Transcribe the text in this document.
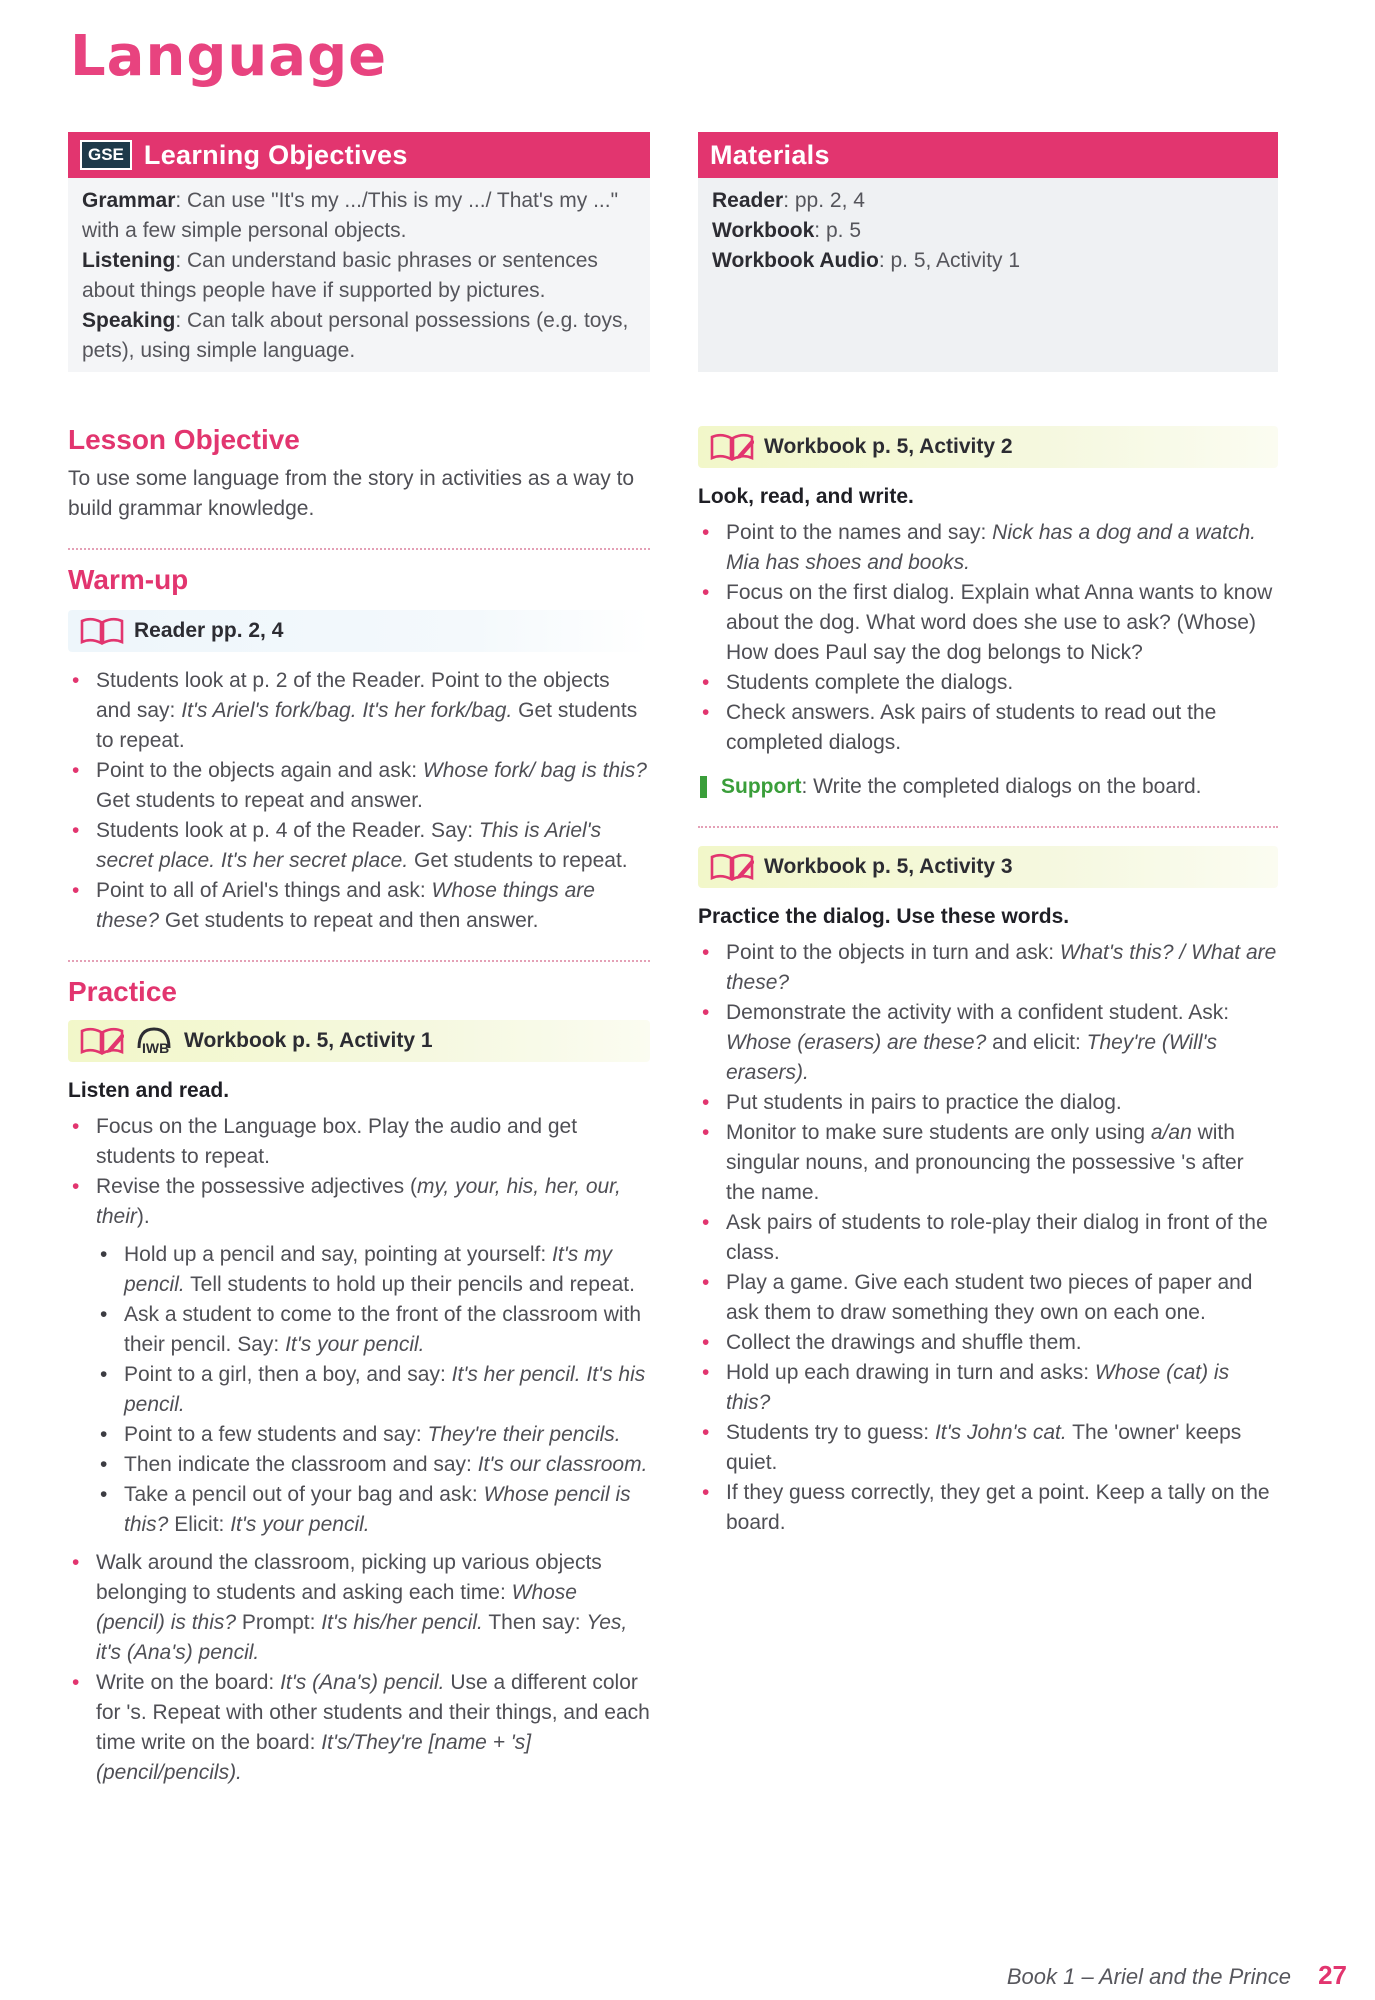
Language
GSE Learning Objectives

Grammar: Can use "It's my .../This is my .../ That's my ..." with a few simple personal objects.

Listening: Can understand basic phrases or sentences about things people have if supported by pictures.

Speaking: Can talk about personal possessions (e.g. toys, pets), using simple language.

Lesson Objective

To use some language from the story in activities as a way to build grammar knowledge.

Warm-up
Reader pp. 2, 4
• Students look at p. 2 of the Reader. Point to the objects and say: It's Ariel's fork/bag. It's her fork/bag. Get students to repeat.
• Point to the objects again and ask: Whose fork/ bag is this? Get students to repeat and answer.
• Students look at p. 4 of the Reader. Say: This is Ariel's secret place. It's her secret place. Get students to repeat.
• Point to all of Ariel's things and ask: Whose things are these? Get students to repeat and then answer.
Practice
IWB Workbook p. 5, Activity 1

Listen and read.

• Focus on the Language box. Play the audio and get students to repeat.
• Revise the possessive adjectives (my, your, his, her, our, their).
• Hold up a pencil and say, pointing at yourself: It's my pencil. Tell students to hold up their pencils and repeat.
• Ask a student to come to the front of the classroom with their pencil. Say: It's your pencil.
• Point to a girl, then a boy, and say: It's her pencil. It's his pencil.
• Point to a few students and say: They're their pencils.
• Then indicate the classroom and say: It's our classroom.
• Take a pencil out of your bag and ask: Whose pencil is this? Elicit: It's your pencil.
• Walk around the classroom, picking up various objects belonging to students and asking each time: Whose (pencil) is this? Prompt: It's his/her pencil. Then say: Yes, it's (Ana's) pencil.
• Write on the board: It's (Ana's) pencil. Use a different color for 's. Repeat with other students and their things, and each time write on the board: It's/They're [name + 's] (pencil/pencils).
Materials

Reader: pp. 2, 4

Workbook: p. 5

Workbook Audio: p. 5, Activity 1

Workbook p. 5, Activity 2

Look, read, and write.

• Point to the names and say: Nick has a dog and a watch. Mia has shoes and books.
• Focus on the first dialog. Explain what Anna wants to know about the dog. What word does she use to ask? (Whose) How does Paul say the dog belongs to Nick?
• Students complete the dialogs.
• Check answers. Ask pairs of students to read out the completed dialogs.
Support: Write the completed dialogs on the board.
Workbook p. 5, Activity 3

Practice the dialog. Use these words.

• Point to the objects in turn and ask: What's this? / What are these?
• Demonstrate the activity with a confident student. Ask: Whose (erasers) are these? and elicit: They're (Will's erasers).
• Put students in pairs to practice the dialog.
• Monitor to make sure students are only using a/an with singular nouns, and pronouncing the possessive 's after the name.
• Ask pairs of students to role-play their dialog in front of the class.
• Play a game. Give each student two pieces of paper and ask them to draw something they own on each one.
• Collect the drawings and shuffle them.
• Hold up each drawing in turn and asks: Whose (cat) is this?
• Students try to guess: It's John's cat. The 'owner' keeps quiet.
• If they guess correctly, they get a point. Keep a tally on the board.
Book 1 – Ariel and the Prince 27
